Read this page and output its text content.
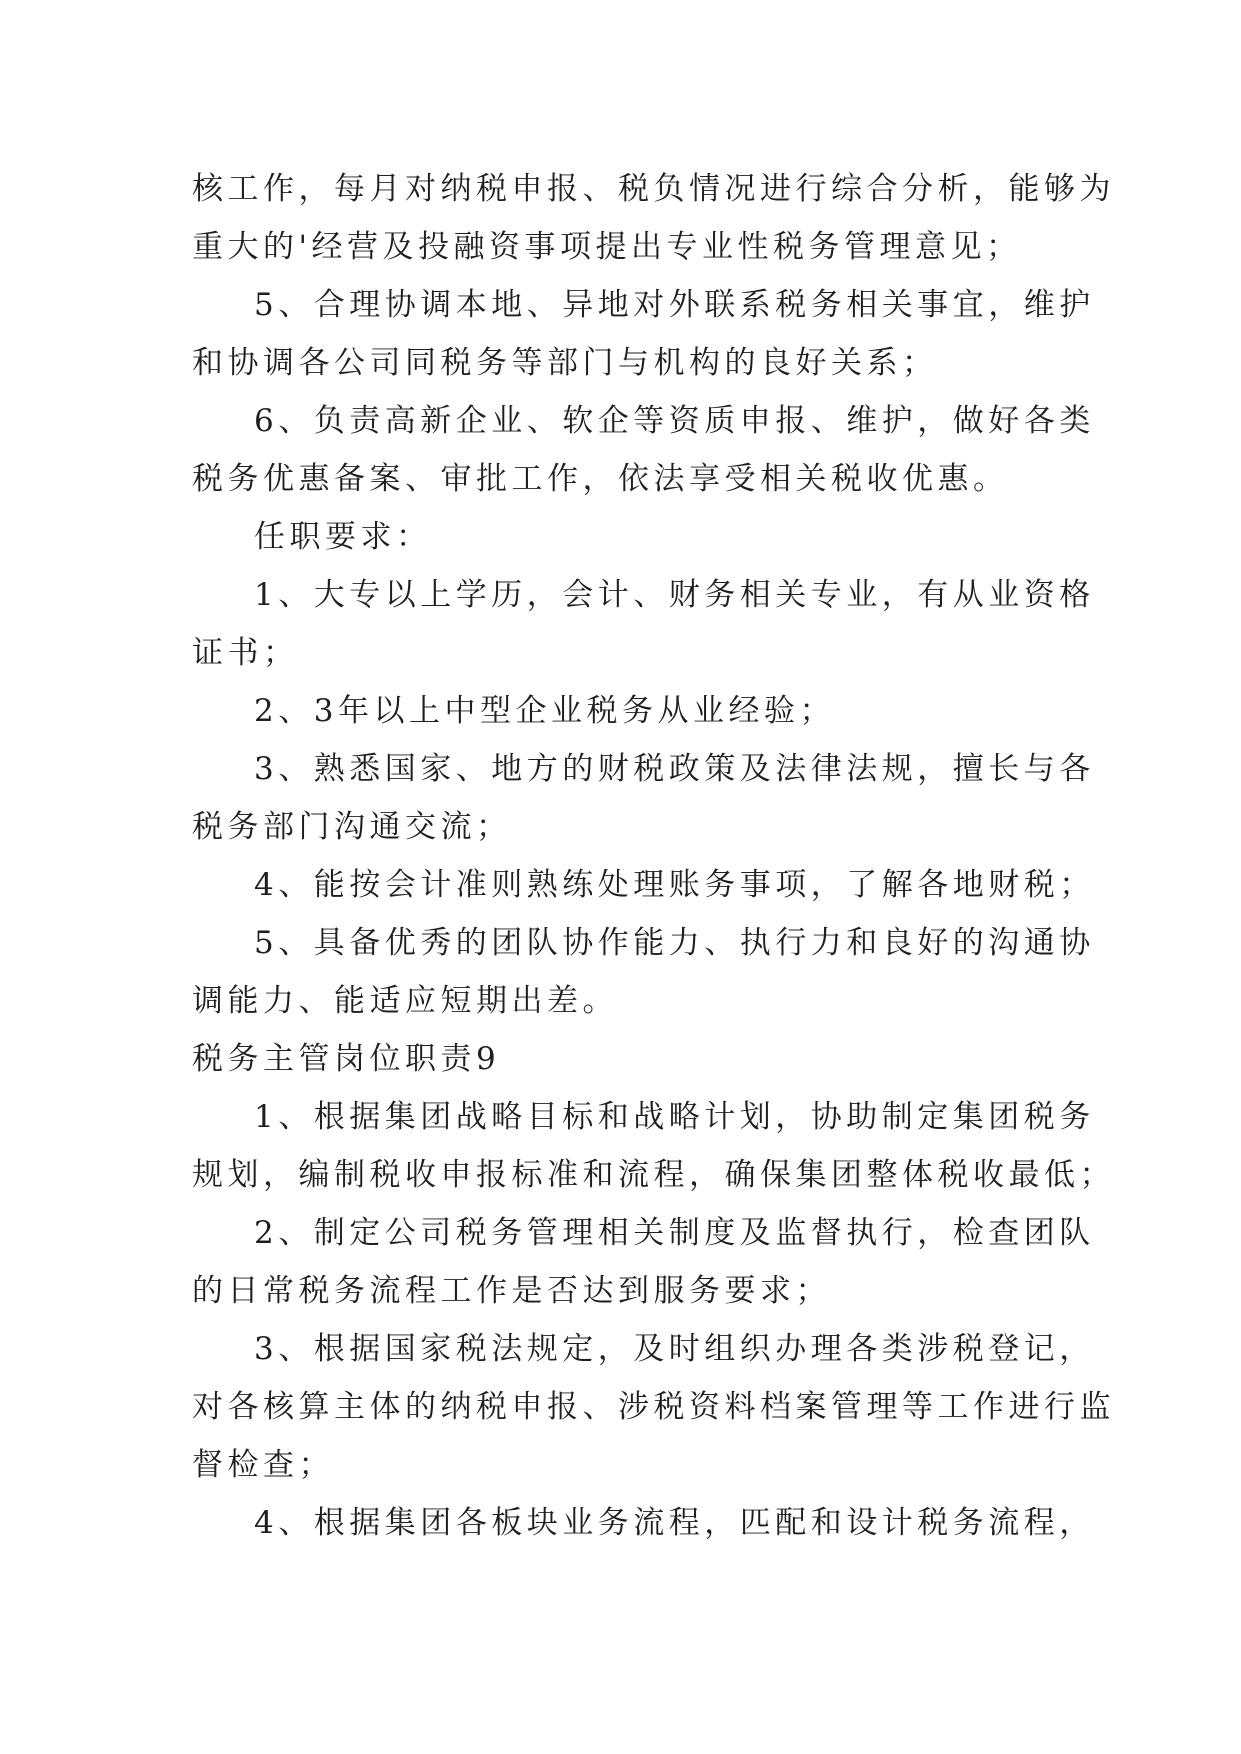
核工作，每月对纳税申报、税负情况进行综合分析，能够为
重大的'经营及投融资事项提出专业性税务管理意见；
5、合理协调本地、异地对外联系税务相关事宜，维护
和协调各公司同税务等部门与机构的良好关系；
6、负责高新企业、软企等资质申报、维护，做好各类
税务优惠备案、审批工作，依法享受相关税收优惠。
任职要求：
1、大专以上学历，会计、财务相关专业，有从业资格
证书；
2、3年以上中型企业税务从业经验；
3、熟悉国家、地方的财税政策及法律法规，擅长与各
税务部门沟通交流；
4、能按会计准则熟练处理账务事项，了解各地财税；
5、具备优秀的团队协作能力、执行力和良好的沟通协
调能力、能适应短期出差。
税务主管岗位职责9
1、根据集团战略目标和战略计划，协助制定集团税务
规划，编制税收申报标准和流程，确保集团整体税收最低；
2、制定公司税务管理相关制度及监督执行，检查团队
的日常税务流程工作是否达到服务要求；
3、根据国家税法规定，及时组织办理各类涉税登记，
对各核算主体的纳税申报、涉税资料档案管理等工作进行监
督检查；
4、根据集团各板块业务流程，匹配和设计税务流程，
